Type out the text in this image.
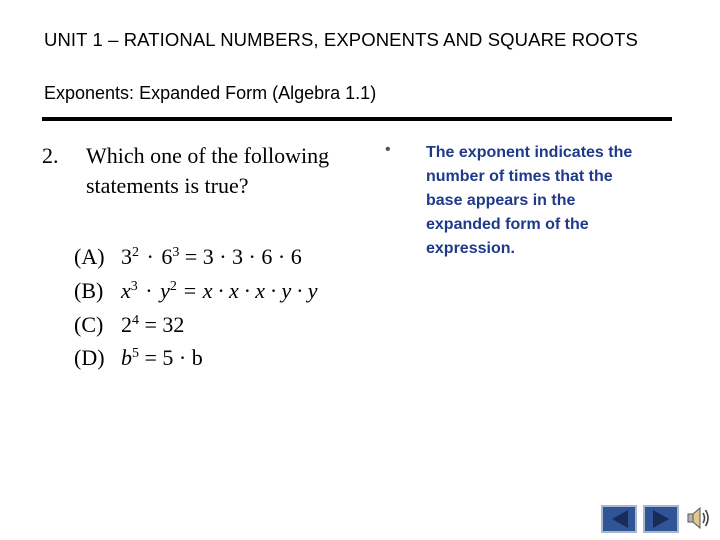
UNIT 1 – RATIONAL NUMBERS, EXPONENTS AND SQUARE ROOTS
Exponents: Expanded Form (Algebra 1.1)
2. Which one of the following
statements is true?
(A) $3^2 \cdot 6^3 = 3 \cdot 3 \cdot 6 \cdot 6$
(B) $x^3 \cdot y^2 = x \cdot x \cdot x \cdot y \cdot y$
(C) $2^4 = 32$
(D) $b^5 = 5 \cdot b$
• The exponent indicates the
number of times that the
base appears in the
expanded form of the
expression.
